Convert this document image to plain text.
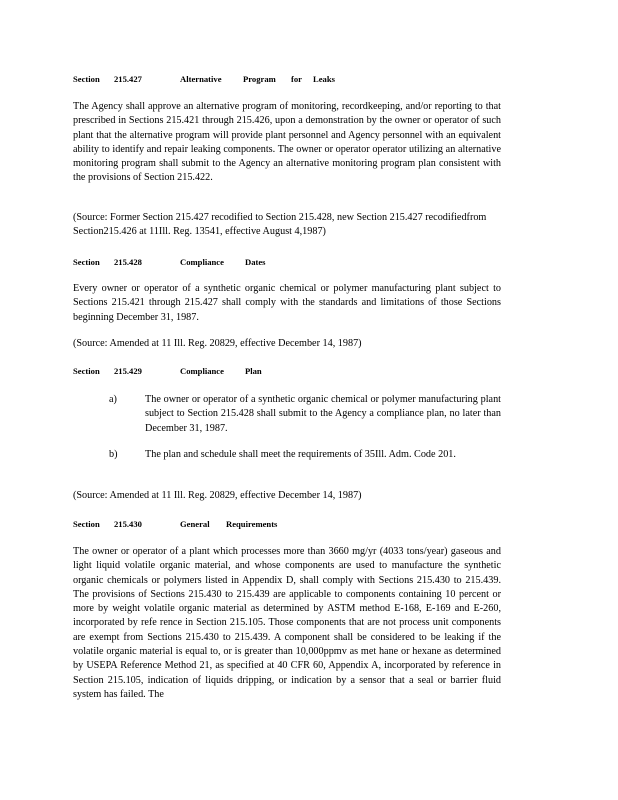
Section 215.427	Alternative Program for Leaks

The Agency shall approve an alternative program of monitoring, recordkeeping, and/or reporting to that prescribed in Sections 215.421 through 215.426, upon a demonstration by the owner or operator of such plant that the alternative program will provide plant personnel and Agency personnel with an equivalent ability to identify and repair leaking components. The owner or operator operator utilizing an alternative monitoring program shall submit to the Agency an alternative monitoring program plan consistent with the provisions of Section 215.422.

(Source: Former Section 215.427 recodified to Section 215.428, new Section 215.427 recodifiedfrom Section215.426 at 11Ill. Reg. 13541, effective August 4,1987)

Section 215.428	Compliance Dates

Every owner or operator of a synthetic organic chemical or polymer manufacturing plant subject to Sections 215.421 through 215.427 shall comply with the standards and limitations of those Sections beginning December 31, 1987.

(Source: Amended at 11 Ill. Reg. 20829, effective December 14, 1987)

Section 215.429	Compliance Plan
a)	The owner or operator of a synthetic organic chemical or polymer manufacturing plant subject to Section 215.428 shall submit to the Agency a compliance plan, no later than December 31, 1987.

b)	The plan and schedule shall meet the requirements of 35Ill. Adm. Code 201.

(Source: Amended at 11 Ill. Reg. 20829, effective December 14, 1987)

Section 215.430	General Requirements

The owner or operator of a plant which processes more than 3660 mg/yr (4033 tons/year) gaseous and light liquid volatile organic material, and whose components are used to manufacture the synthetic organic chemicals or polymers listed in Appendix D, shall comply with Sections 215.430 to 215.439. The provisions of Sections 215.430 to 215.439 are applicable to components containing 10 percent or more by weight volatile organic material as determined by ASTM method E-168, E-169 and E-260, incorporated by refe rence in Section 215.105. Those components that are not process unit components are exempt from Sections 215.430 to 215.439. A component shall be considered to be leaking if the volatile organic material is equal to, or is greater than 10,000ppmv as met hane or hexane as determined by USEPA Reference Method 21, as specified at 40 CFR 60, Appendix A, incorporated by reference in Section 215.105, indication of liquids dripping, or indication by a sensor that a seal or barrier fluid system has failed. The
